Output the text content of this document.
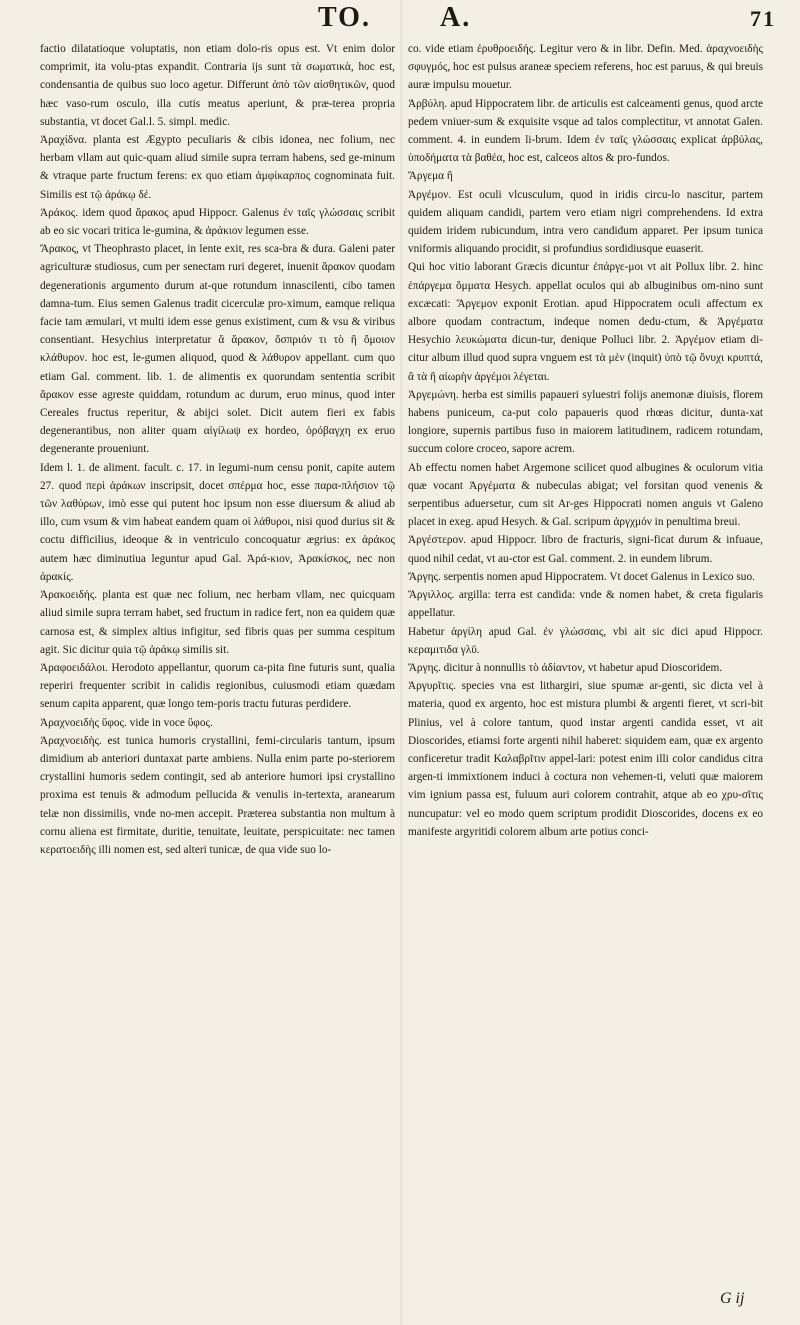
TO. A.	71

factio dilatatioque voluptatis, non etiam dolo-ris opus est. Vt enim dolor comprimit, ita volu-ptas expandit. Contraria ijs sunt τὰ σωματικὰ, hoc est, condensantia de quibus suo loco agetur. Differunt ἀπὸ τῶν αἰσθητικῶν, quod hæc vaso-rum osculo, illa cutis meatus aperiunt, & præ-terea propria substantia, vt docet Gal.l. 5. simpl. medic.

Ἀραχίδνα. planta est Ægypto peculiaris & cibis idonea, nec folium, nec herbam vllam aut quic-quam aliud simile supra terram habens, sed ge-minum & vtraque parte fructum ferens: ex quo etiam ἀμφίκαρπος cognominata fuit. Similis est τῷ ἀράκῳ δέ.

Ἀράκος. idem quod ἄρακος apud Hippocr. Galenus ἐν ταῖς γλώσσαις scribit ab eo sic vocari tritica le-gumina, & ἀράκιον legumen esse.

Ἄρακος, vt Theophrasto placet, in lente exit, res sca-bra & dura. Galeni pater agriculturæ studiosus, cum per senectam ruri degeret, inuenit ἄρακον quodam degenerationis argumento durum at-que rotundum innascilenti, cibo tamen damna-tum. Eius semen Galenus tradit cicerculæ pro-ximum, eamque reliqua facie tam æmulari, vt multi idem esse genus existiment, cum & vsu & viribus consentiant. Hesychius interpretatur ἄ ἄρακον, ὄσπριόν τι τὸ ἢ ὄμοιον κλάθυρον. hoc est, le-gumen aliquod, quod & λάθυρον appellant. cum quo etiam Gal. comment. lib. 1. de alimentis ex quorundam sententia scribit ἄρακον esse agreste quiddam, rotundum ac durum, eruo minus, quod inter Cereales fructus reperitur, & abijci solet. Dicit autem fieri ex fabis degenerantibus, non aliter quam αἰγίλωψ ex hordeo, ὀρόβαγχη ex eruo degenerante proueniunt.

Idem l. 1. de aliment. facult. c. 17. in legumi-num censu ponit, capite autem 27. quod περὶ ἀράκων inscripsit, docet σπέρμα hoc, esse παρα-πλήσιον τῷ τῶν λαθύρων, imò esse qui putent hoc ipsum non esse diuersum & aliud ab illo, cum vsum & vim habeat eandem quam οἱ λάθυροι, nisi quod durius sit & coctu difficilius, ideoque & in ventriculo concoquatur ægrius: ex ἀράκος autem hæc diminutiua leguntur apud Gal. Ἀρά-κιον, Ἀρακίσκος, nec non ἀρακίς.

Ἀρακοειδής. planta est quæ nec folium, nec herbam vllam, nec quicquam aliud simile supra terram habet, sed fructum in radice fert, non ea quidem quæ carnosa est, & simplex altius infigitur, sed fibris quas per summa cespitum agit. Sic dicitur quia τῷ ἀράκῳ similis sit.

Ἀραφοειδάλοι. Herodoto appellantur, quorum ca-pita fine futuris sunt, qualia reperiri frequenter scribit in calidis regionibus, cuiusmodi etiam quædam senum capita apparent, quæ longo tem-poris tractu futuras perdidere.

Ἀραχνοειδὴς ὕφος. vide in voce ὕφος.

Ἀραχνοειδὴς. est tunica humoris crystallini, femi-circularis tantum, ipsum dimidium ab anteriori duntaxat parte ambiens. Nulla enim parte po-steriorem crystallini humoris sedem contingit, sed ab anteriore humori ipsi crystallino proxima est tenuis & admodum pellucida & venulis in-tertexta, aranearum telæ non dissimilis, vnde no-men accepit. Præterea substantia non multum à cornu aliena est firmitate, duritie, tenuitate, leuitate, perspicuitate: nec tamen κερατοειδὴς illi nomen est, sed alteri tunicæ, de qua vide suo lo-

co. vide etiam ἐρυθροειδής. Legitur vero & in libr. Defin. Med. ἀραχνοειδὴς σφυγμός, hoc est pulsus araneæ speciem referens, hoc est paruus, & qui breuis auræ impulsu mouetur.

Ἀρβύλη. apud Hippocratem libr. de articulis est calceamenti genus, quod arcte pedem vniuer-sum & exquisite vsque ad talos complectitur, vt annotat Galen. comment. 4. in eundem li-brum. Idem ἐν ταῖς γλώσσαις explicat ἀρβύλας, ὑποδήματα τὰ βαθέα, hoc est, calceos altos & pro-fundos.

Ἄργεμα ἢ

Ἀργέμον. Est oculi vlcusculum, quod in iridis circu-lo nascitur, partem quidem aliquam candidi, partem vero etiam nigri comprehendens. Id extra quidem iridem rubicundum, intra vero candidum apparet. Per ipsum tunica vniformis aliquando procidit, si profundius sordidiusque euaserit.

Qui hoc vitio laborant Græcis dicuntur ἐπάργε-μοι vt ait Pollux libr. 2. hinc ἐπάργεμα ὄμματα Hesych. appellat oculos qui ab albuginibus om-nino sunt excæcati: Ἄργεμον exponit Erotian. apud Hippocratem oculi affectum ex albore quodam contractum, indeque nomen dedu-ctum, & Ἀργέματα Hesychio λευκώματα dicun-tur, denique Polluci libr. 2. Ἀργέμον etiam di-citur album illud quod supra vnguem est τὰ μὲν (inquit) ὑπὸ τῷ ὄνυχι κρυπτά, ἃ τὰ ἢ αἰωρὴν ἀργέμοι λέγεται.

Ἀργεμώνη. herba est similis papaueri syluestri folijs anemonæ diuisis, florem habens puniceum, ca-put colo papaueris quod rhœas dicitur, dunta-xat longiore, supernis partibus fuso in maiorem latitudinem, radicem rotundam, succum colore croceo, sapore acrem.

Ab effectu nomen habet Argemone scilicet quod albugines & oculorum vitia quæ vocant Ἀργέματα & nubeculas abigat; vel forsitan quod venenis & serpentibus aduersetur, cum sit Ar-ges Hippocrati nomen anguis vt Galeno placet in exeg. apud Hesych. & Gal. scripum ἀργχμόν in penultima breui.

Ἀργέστερον. apud Hippocr. libro de fracturis, signi-ficat durum & infuaue, quod nihil cedat, vt au-ctor est Gal. comment. 2. in eundem librum.

Ἄργης. serpentis nomen apud Hippocratem. Vt docet Galenus in Lexico suo.

Ἄργιλλος. argilla: terra est candida: vnde & nomen habet, & creta figularis appellatur.

Habetur ἀργίλη apud Gal. ἐν γλώσσαις, vbi ait sic dici apud Hippocr. κεραμιτιδα γλῦ.

Ἄργης. dicitur à nonnullis τὸ ἀδίαντον, vt habetur apud Dioscoridem.

Ἀργυρῖτις. species vna est lithargiri, siue spumæ ar-genti, sic dicta vel à materia, quod ex argento, hoc est mistura plumbi & argenti fieret, vt scri-bit Plinius, vel à colore tantum, quod instar argenti candida esset, vt ait Dioscorides, etiamsi forte argenti nihil haberet: siquidem eam, quæ ex argento conficeretur tradit Καλαβρῖτιν appel-lari: potest enim illi color candidus citra argen-ti immixtionem induci à coctura non vehemen-ti, veluti quæ maiorem vim ignium passa est, fuluum auri colorem contrahit, atque ab eo χρυ-σῖτις nuncupatur: vel eo modo quem scriptum prodidit Dioscorides, docens ex eo manifeste argyritidi colorem album arte potius conci-

G ij
